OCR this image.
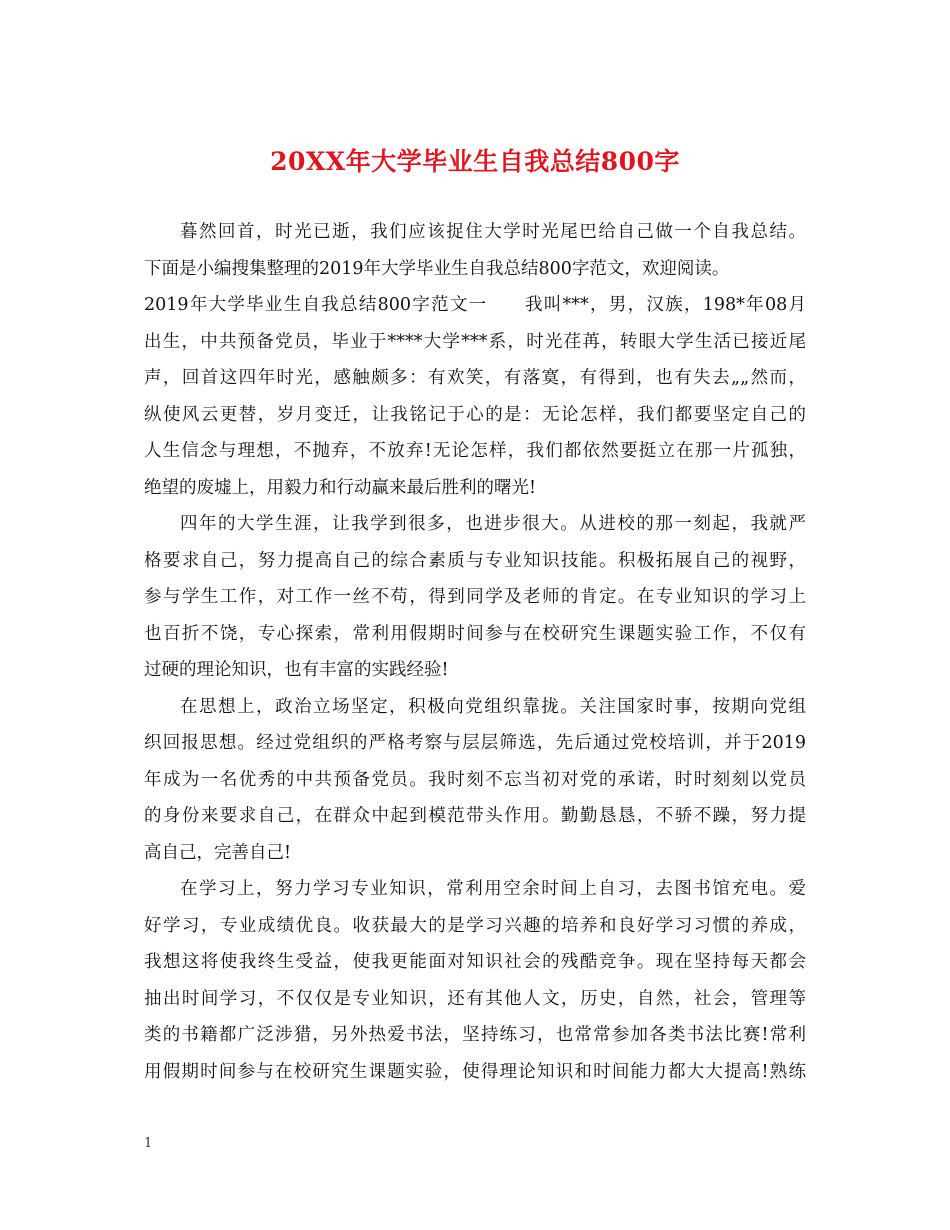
20XX年大学毕业生自我总结800字
暮然回首，时光已逝，我们应该捉住大学时光尾巴给自己做一个自我总结。
下面是小编搜集整理的2019年大学毕业生自我总结800字范文，欢迎阅读。
2019年大学毕业生自我总结800字范文一　　我叫***，男，汉族，198*年08月
出生，中共预备党员，毕业于****大学***系，时光荏苒，转眼大学生活已接近尾
声，回首这四年时光，感触颇多：有欢笑，有落寞，有得到，也有失去„„然而，
纵使风云更替，岁月变迁，让我铭记于心的是：无论怎样，我们都要坚定自己的
人生信念与理想，不抛弃，不放弃!无论怎样，我们都依然要挺立在那一片孤独，
绝望的废墟上，用毅力和行动赢来最后胜利的曙光!
四年的大学生涯，让我学到很多，也进步很大。从进校的那一刻起，我就严
格要求自己，努力提高自己的综合素质与专业知识技能。积极拓展自己的视野，
参与学生工作，对工作一丝不苟，得到同学及老师的肯定。在专业知识的学习上
也百折不饶，专心探索，常利用假期时间参与在校研究生课题实验工作，不仅有
过硬的理论知识，也有丰富的实践经验!
在思想上，政治立场坚定，积极向党组织靠拢。关注国家时事，按期向党组
织回报思想。经过党组织的严格考察与层层筛选，先后通过党校培训，并于2019
年成为一名优秀的中共预备党员。我时刻不忘当初对党的承诺，时时刻刻以党员
的身份来要求自己，在群众中起到模范带头作用。勤勤恳恳，不骄不躁，努力提
高自己，完善自己!
在学习上，努力学习专业知识，常利用空余时间上自习，去图书馆充电。爱
好学习，专业成绩优良。收获最大的是学习兴趣的培养和良好学习习惯的养成，
我想这将使我终生受益，使我更能面对知识社会的残酷竞争。现在坚持每天都会
抽出时间学习，不仅仅是专业知识，还有其他人文，历史，自然，社会，管理等
类的书籍都广泛涉猎，另外热爱书法，坚持练习，也常常参加各类书法比赛!常利
用假期时间参与在校研究生课题实验，使得理论知识和时间能力都大大提高!熟练
1
